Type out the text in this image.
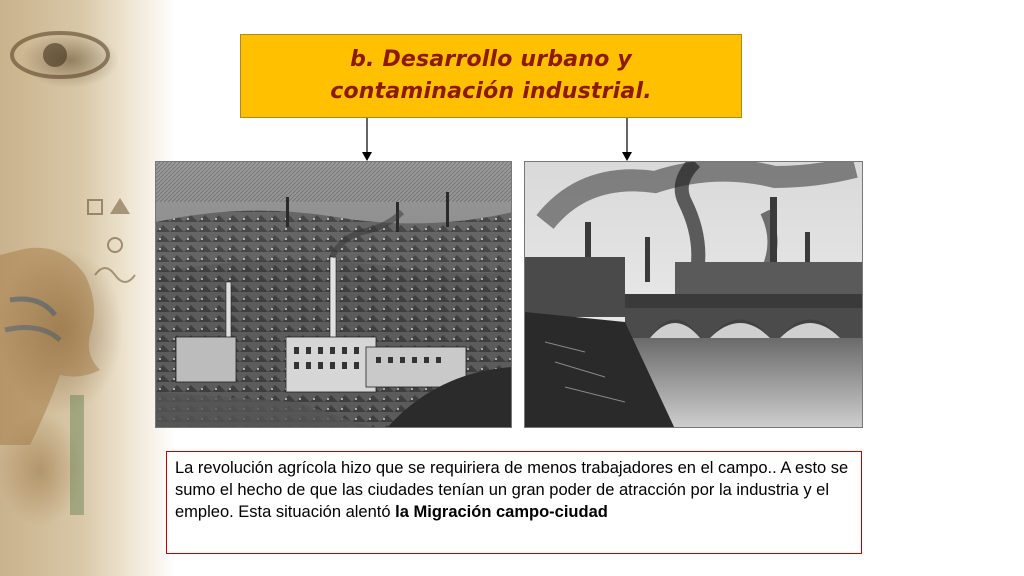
b. Desarrollo urbano y
contaminación industrial.

La revolución agrícola hizo que se requiriera de menos trabajadores en el campo.. A esto se sumo el hecho de que las ciudades tenían un gran poder de atracción por la industria y el empleo. Esta situación alentó la Migración campo-ciudad
